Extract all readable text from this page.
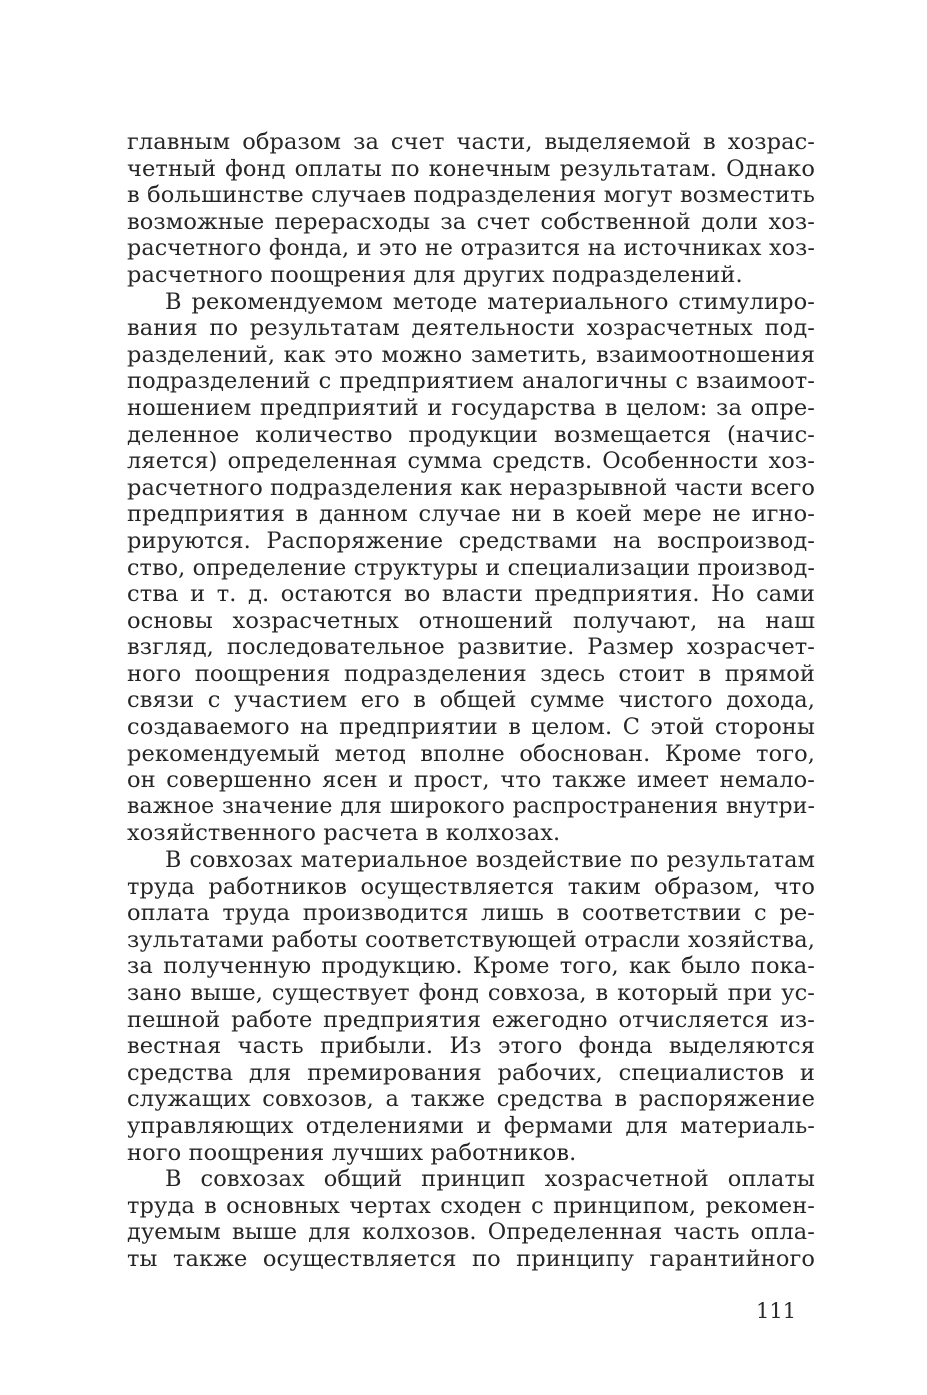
главным образом за счет части, выделяемой в хозрас-
четный фонд оплаты по конечным результатам. Однако
в большинстве случаев подразделения могут возместить
возможные перерасходы за счет собственной доли хоз-
расчетного фонда, и это не отразится на источниках хоз-
расчетного поощрения для других подразделений.
В рекомендуемом методе материального стимулиро-
вания по результатам деятельности хозрасчетных под-
разделений, как это можно заметить, взаимоотношения
подразделений с предприятием аналогичны с взаимоот-
ношением предприятий и государства в целом: за опре-
деленное количество продукции возмещается (начис-
ляется) определенная сумма средств. Особенности хоз-
расчетного подразделения как неразрывной части всего
предприятия в данном случае ни в коей мере не игно-
рируются. Распоряжение средствами на воспроизвод-
ство, определение структуры и специализации производ-
ства и т. д. остаются во власти предприятия. Но сами
основы хозрасчетных отношений получают, на наш
взгляд, последовательное развитие. Размер хозрасчет-
ного поощрения подразделения здесь стоит в прямой
связи с участием его в общей сумме чистого дохода,
создаваемого на предприятии в целом. С этой стороны
рекомендуемый метод вполне обоснован. Кроме того,
он совершенно ясен и прост, что также имеет немало-
важное значение для широкого распространения внутри-
хозяйственного расчета в колхозах.
В совхозах материальное воздействие по результатам
труда работников осуществляется таким образом, что
оплата труда производится лишь в соответствии с ре-
зультатами работы соответствующей отрасли хозяйства,
за полученную продукцию. Кроме того, как было пока-
зано выше, существует фонд совхоза, в который при ус-
пешной работе предприятия ежегодно отчисляется из-
вестная часть прибыли. Из этого фонда выделяются
средства для премирования рабочих, специалистов и
служащих совхозов, а также средства в распоряжение
управляющих отделениями и фермами для материаль-
ного поощрения лучших работников.
В совхозах общий принцип хозрасчетной оплаты
труда в основных чертах сходен с принципом, рекомен-
дуемым выше для колхозов. Определенная часть опла-
ты также осуществляется по принципу гарантийного
111
